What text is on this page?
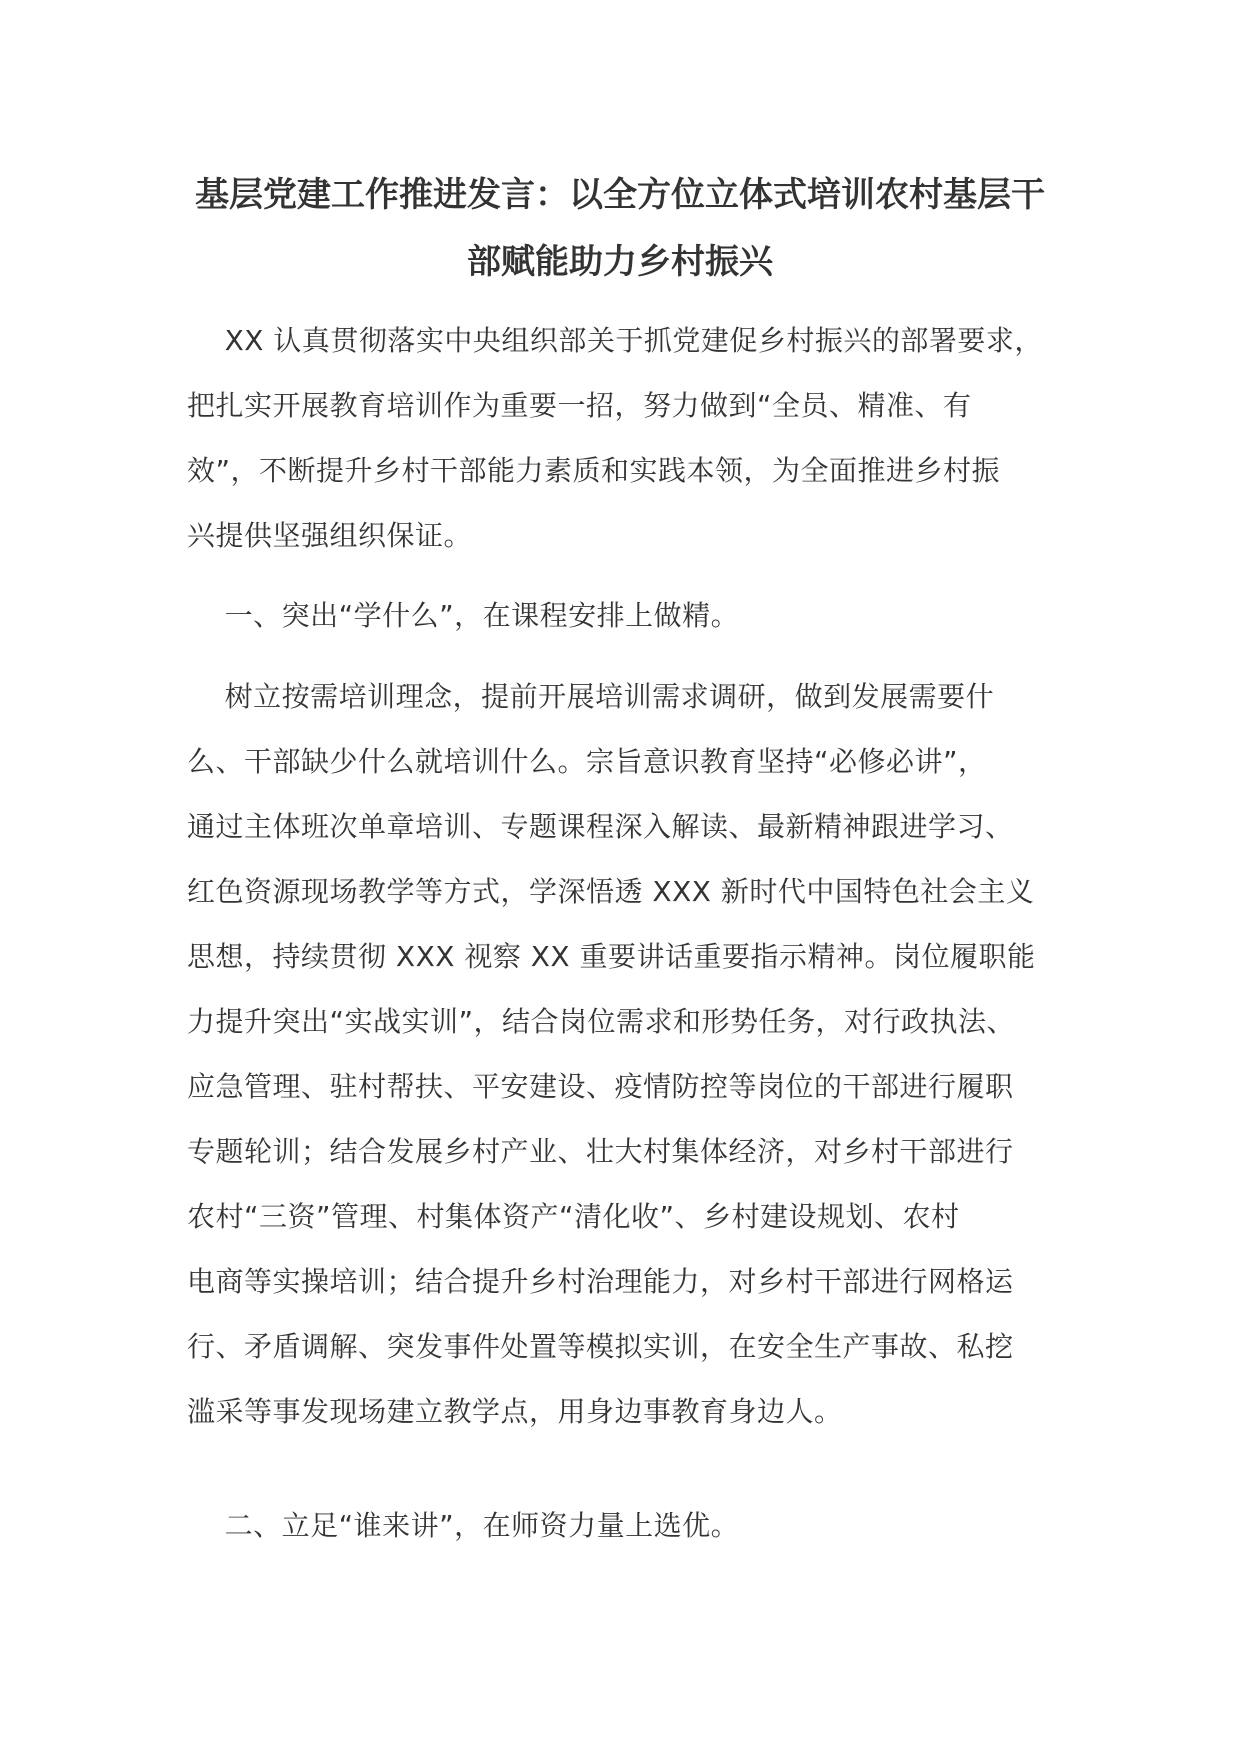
基层党建工作推进发言：以全方位立体式培训农村基层干
部赋能助力乡村振兴

XX 认真贯彻落实中央组织部关于抓党建促乡村振兴的部署要求，
把扎实开展教育培训作为重要一招，努力做到“全员、精准、有
效”，不断提升乡村干部能力素质和实践本领，为全面推进乡村振
兴提供坚强组织保证。

一、突出“学什么”，在课程安排上做精。

树立按需培训理念，提前开展培训需求调研，做到发展需要什
么、干部缺少什么就培训什么。宗旨意识教育坚持“必修必讲”，
通过主体班次单章培训、专题课程深入解读、最新精神跟进学习、
红色资源现场教学等方式，学深悟透 XXX 新时代中国特色社会主义
思想，持续贯彻 XXX 视察 XX 重要讲话重要指示精神。岗位履职能
力提升突出“实战实训”，结合岗位需求和形势任务，对行政执法、
应急管理、驻村帮扶、平安建设、疫情防控等岗位的干部进行履职
专题轮训；结合发展乡村产业、壮大村集体经济，对乡村干部进行
农村“三资”管理、村集体资产“清化收”、乡村建设规划、农村
电商等实操培训；结合提升乡村治理能力，对乡村干部进行网格运
行、矛盾调解、突发事件处置等模拟实训，在安全生产事故、私挖
滥采等事发现场建立教学点，用身边事教育身边人。

二、立足“谁来讲”，在师资力量上选优。
